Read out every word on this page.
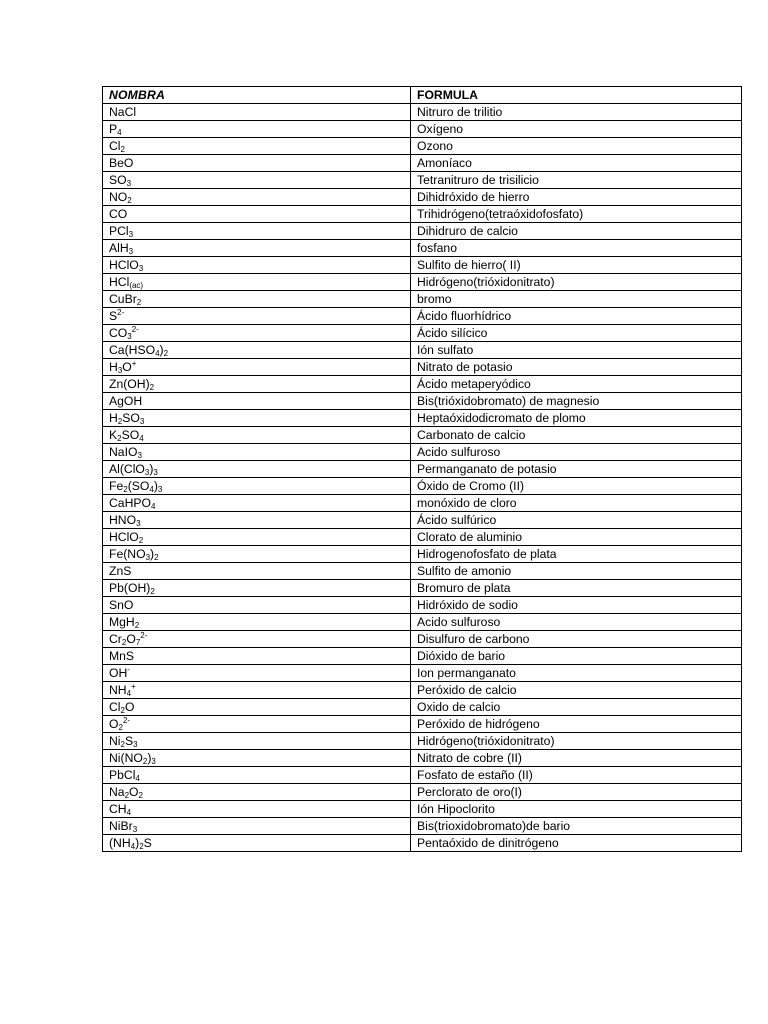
NOMBRA	FORMULA
NaCl	Nitruro de trilitio
$P_4$	Oxígeno
$Cl_2$	Ozono
BeO	Amoníaco
$SO_3$	Tetranitruro de trisilicio
$NO_2$	Dihidróxido de hierro
CO	Trihidrógeno(tetraóxidofosfato)
PCl$_3$	Dihidruro de calcio
AlH$_3$	fosfano
HClO$_3$	Sulfito de hierro( II)
HCl$_{(ac)}$	Hidrógeno(trióxidonitrato)
CuBr$_2$	bromo
$S^{2-}$	Ácido fluorhídrico
$CO_3^{2-}$	Ácido silícico
$Ca(HSO_4)_2$	Ión sulfato
$H_3O^+$	Nitrato de potasio
$Zn(OH)_2$	Ácido metaperyódico
AgOH	Bis(trióxidobromato) de magnesio
$H_2SO_3$	Heptaóxidodicromato de plomo
$K_2SO_4$	Carbonato de calcio
NaIO$_3$	Acido sulfuroso
$Al(ClO_3)_3$	Permanganato de potasio
$Fe_2(SO_4)_3$	Óxido de Cromo (II)
CaHPO$_4$	monóxido de cloro
$HNO_3$	Ácido sulfúrico
HClO$_2$	Clorato de aluminio
$Fe(NO_3)_2$	Hidrogenofosfato de plata
ZnS	Sulfito de amonio
$Pb(OH)_2$	Bromuro de plata
SnO	Hidróxido de sodio
MgH$_2$	Acido sulfuroso
$Cr_2O_7^{2-}$	Disulfuro de carbono
MnS	Dióxido de bario
OH-	Ion permanganato
$NH_4^+$	Peróxido de calcio
$Cl_2O$	Oxido de calcio
$O_2^{2-}$	Peróxido de hidrógeno
$Ni_2S_3$	Hidrógeno(trióxidonitrato)
$Ni(NO_2)_3$	Nitrato de cobre (II)
PbCl$_4$	Fosfato de estaño (II)
$Na_2O_2$	Perclorato de oro(I)
$CH_4$	Ión Hipoclorito
NiBr$_3$	Bis(trioxidobromato)de bario
$(NH_4)_2S$	Pentaóxido de dinitrógeno
